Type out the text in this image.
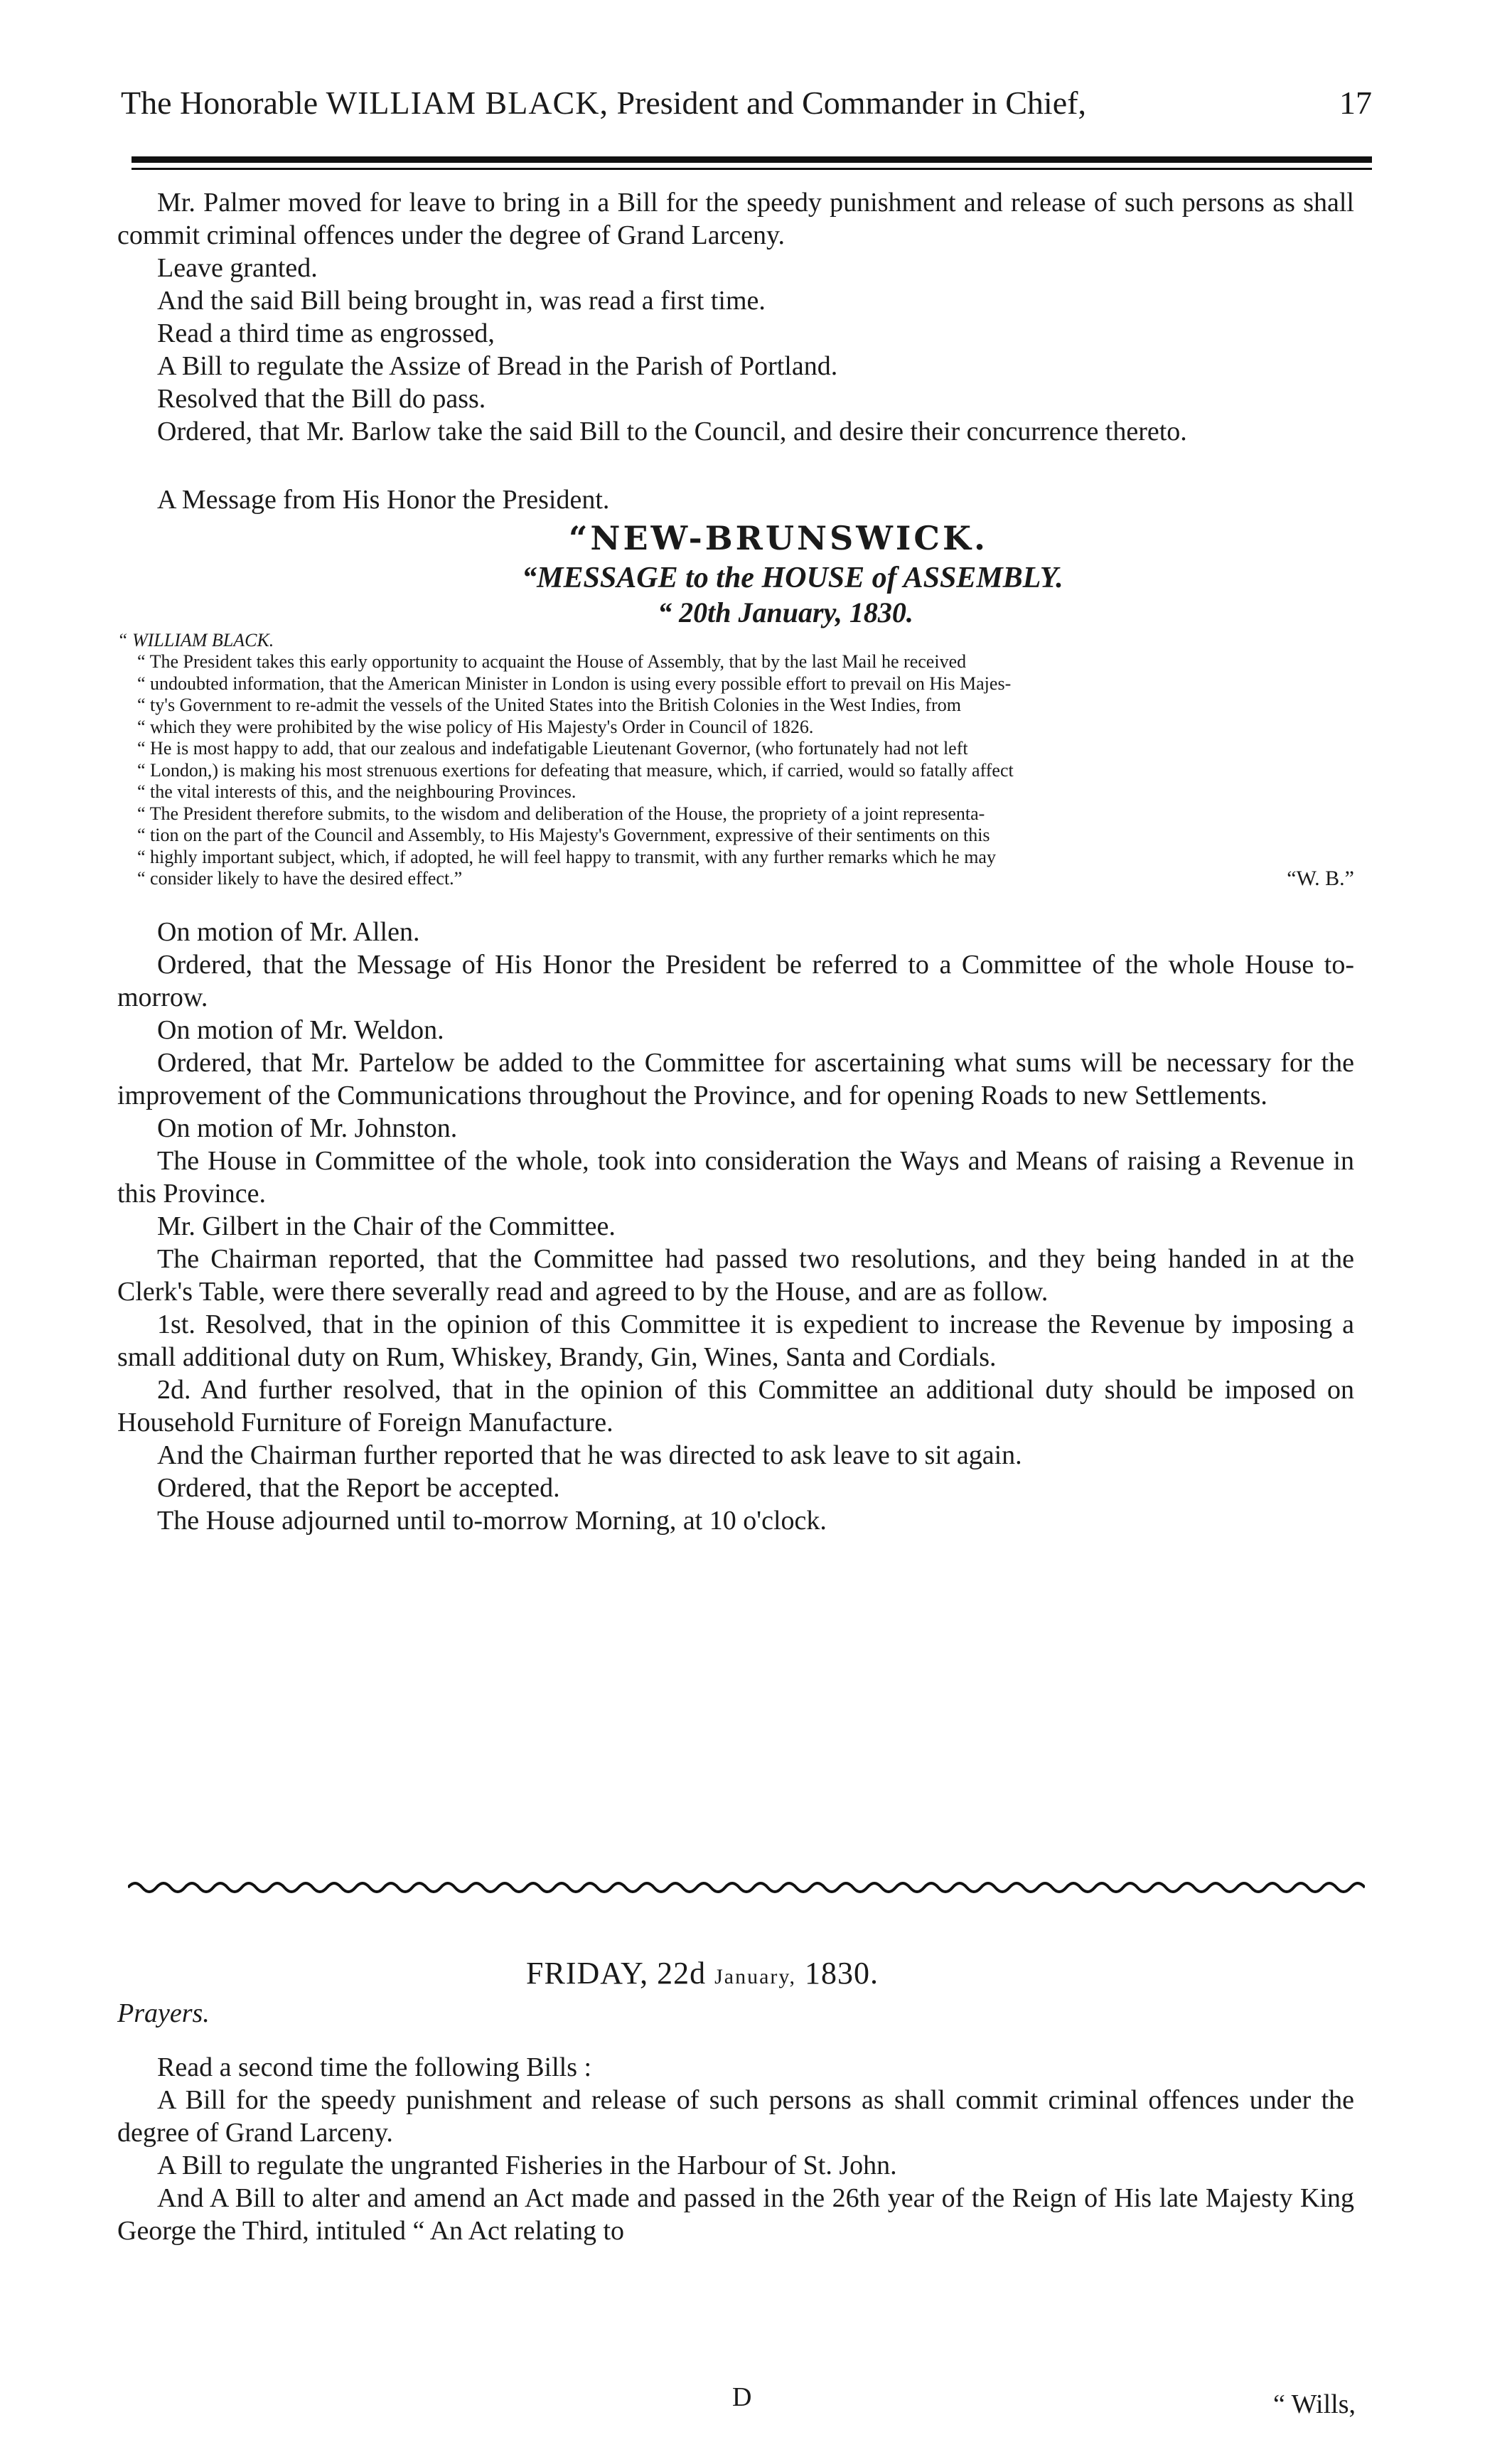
The Honorable WILLIAM BLACK, President and Commander in Chief,	17

Mr. Palmer moved for leave to bring in a Bill for the speedy punishment and release of such persons as shall commit criminal offences under the degree of Grand Larceny.

Leave granted.

And the said Bill being brought in, was read a first time.

Read a third time as engrossed,

A Bill to regulate the Assize of Bread in the Parish of Portland.

Resolved that the Bill do pass.

Ordered, that Mr. Barlow take the said Bill to the Council, and desire their concurrence thereto.

A Message from His Honor the President.

“NEW-BRUNSWICK.
“MESSAGE to the HOUSE of ASSEMBLY.
“ 20th January, 1830.

“ WILLIAM BLACK.

“ The President takes this early opportunity to acquaint the House of Assembly, that by the last Mail he received

“ undoubted information, that the American Minister in London is using every possible effort to prevail on His Majes-

“ ty's Government to re-admit the vessels of the United States into the British Colonies in the West Indies, from

“ which they were prohibited by the wise policy of His Majesty's Order in Council of 1826.

“ He is most happy to add, that our zealous and indefatigable Lieutenant Governor, (who fortunately had not left

“ London,) is making his most strenuous exertions for defeating that measure, which, if carried, would so fatally affect

“ the vital interests of this, and the neighbouring Provinces.

“ The President therefore submits, to the wisdom and deliberation of the House, the propriety of a joint representa-

“ tion on the part of the Council and Assembly, to His Majesty's Government, expressive of their sentiments on this

“ highly important subject, which, if adopted, he will feel happy to transmit, with any further remarks which he may

“ consider likely to have the desired effect.”	“W. B.”

On motion of Mr. Allen.

Ordered, that the Message of His Honor the President be referred to a Committee of the whole House to-morrow.

On motion of Mr. Weldon.

Ordered, that Mr. Partelow be added to the Committee for ascertaining what sums will be necessary for the improvement of the Communications throughout the Province, and for opening Roads to new Settlements.

On motion of Mr. Johnston.

The House in Committee of the whole, took into consideration the Ways and Means of raising a Revenue in this Province.

Mr. Gilbert in the Chair of the Committee.

The Chairman reported, that the Committee had passed two resolutions, and they being handed in at the Clerk's Table, were there severally read and agreed to by the House, and are as follow.

1st. Resolved, that in the opinion of this Committee it is expedient to increase the Revenue by imposing a small additional duty on Rum, Whiskey, Brandy, Gin, Wines, Santa and Cordials.

2d. And further resolved, that in the opinion of this Committee an additional duty should be imposed on Household Furniture of Foreign Manufacture.

And the Chairman further reported that he was directed to ask leave to sit again.

Ordered, that the Report be accepted.

The House adjourned until to-morrow Morning, at 10 o'clock.

FRIDAY, 22d January, 1830.
Prayers.

Read a second time the following Bills :

A Bill for the speedy punishment and release of such persons as shall commit criminal offences under the degree of Grand Larceny.

A Bill to regulate the ungranted Fisheries in the Harbour of St. John.

And A Bill to alter and amend an Act made and passed in the 26th year of the Reign of His late Majesty King George the Third, intituled “ An Act relating to

D	“ Wills,
